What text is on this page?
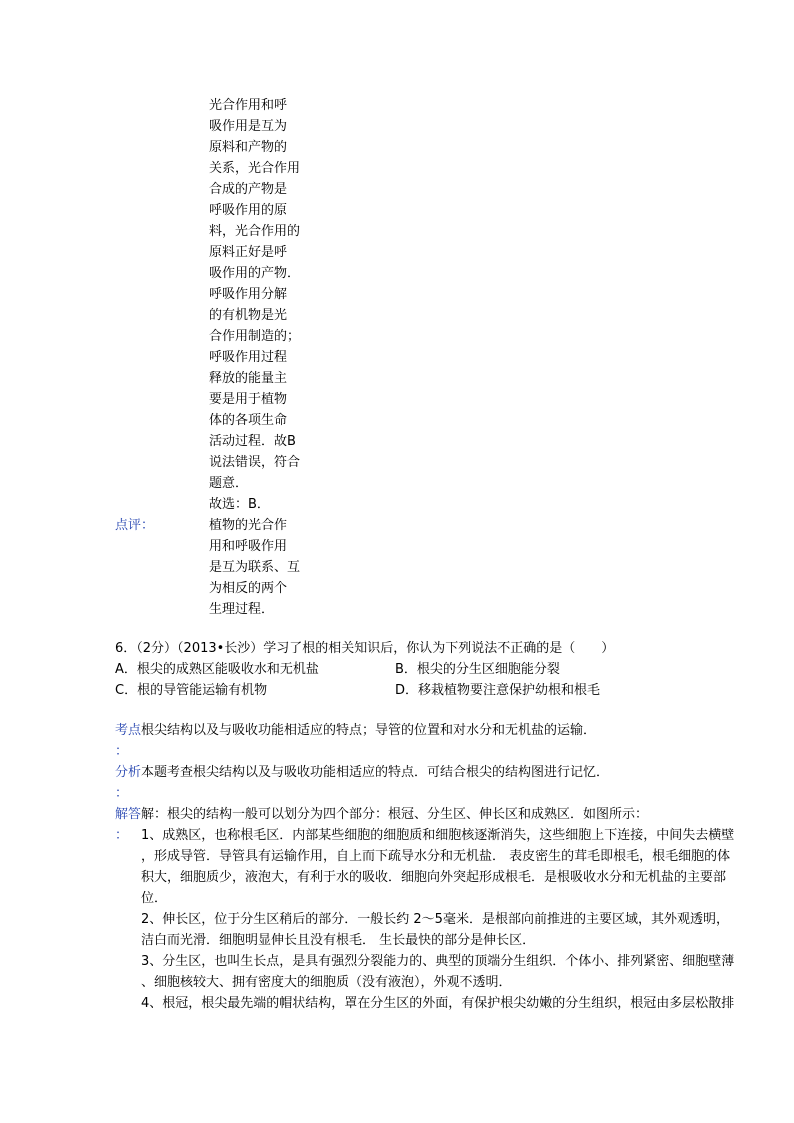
光合作用和呼
吸作用是互为
原料和产物的
关系，光合作用
合成的产物是
呼吸作用的原
料，光合作用的
原料正好是呼
吸作用的产物．
呼吸作用分解
的有机物是光
合作用制造的；
呼吸作用过程
释放的能量主
要是用于植物
体的各项生命
活动过程．故B
说法错误，符合
题意．
故选：B．
点评：	植物的光合作
用和呼吸作用
是互为联系、互
为相反的两个
生理过程．
6．（2分）（2013•长沙）学习了根的相关知识后，你认为下列说法不正确的是（　　）
A．根尖的成熟区能吸收水和无机盐	B．根尖的分生区细胞能分裂
C．根的导管能运输有机物	D．移栽植物要注意保护幼根和根毛
考点 根尖结构以及与吸收功能相适应的特点；导管的位置和对水分和无机盐的运输．
：
分析 本题考查根尖结构以及与吸收功能相适应的特点．可结合根尖的结构图进行记忆．
：
解答 解：根尖的结构一般可以划分为四个部分：根冠、分生区、伸长区和成熟区．如图所示：
： 1、成熟区，也称根毛区．内部某些细胞的细胞质和细胞核逐渐消失，这些细胞上下连接，中间失去横壁
，形成导管．导管具有运输作用，自上而下疏导水分和无机盐． 表皮密生的茸毛即根毛，根毛细胞的体
积大，细胞质少，液泡大，有利于水的吸收．细胞向外突起形成根毛．是根吸收水分和无机盐的主要部
位．
2、伸长区，位于分生区稍后的部分．一般长约 2～5毫米．是根部向前推进的主要区域，其外观透明，
洁白而光滑．细胞明显伸长且没有根毛． 生长最快的部分是伸长区．
3、分生区，也叫生长点，是具有强烈分裂能力的、典型的顶端分生组织．个体小、排列紧密、细胞壁薄
、细胞核较大、拥有密度大的细胞质（没有液泡），外观不透明．
4、根冠，根尖最先端的帽状结构，罩在分生区的外面，有保护根尖幼嫩的分生组织，根冠由多层松散排
